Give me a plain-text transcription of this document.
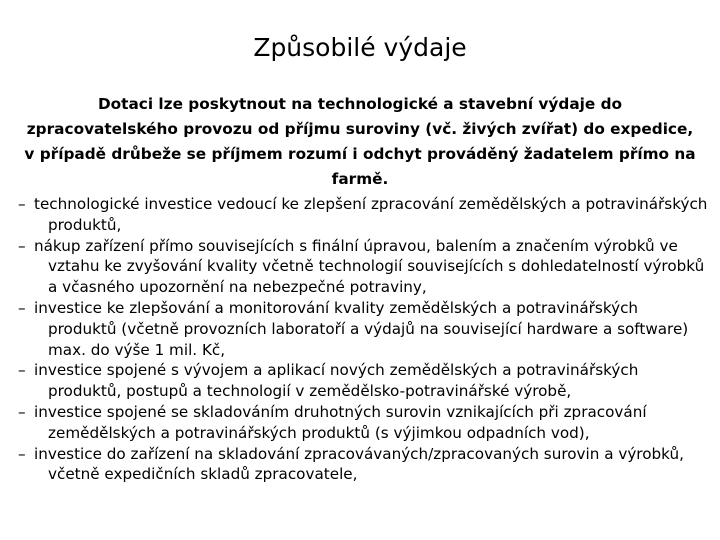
Způsobilé výdaje

Dotaci lze poskytnout na technologické a stavební výdaje do zpracovatelského provozu od příjmu suroviny (vč. živých zvířat) do expedice, v případě drůbeže se příjmem rozumí i odchyt prováděný žadatelem přímo na farmě.

– technologické investice vedoucí ke zlepšení zpracování zemědělských a potravinářských produktů,
– nákup zařízení přímo souvisejících s finální úpravou, balením a značením výrobků ve vztahu ke zvyšování kvality včetně technologií souvisejících s dohledatelností výrobků a včasného upozornění na nebezpečné potraviny,
– investice ke zlepšování a monitorování kvality zemědělských a potravinářských produktů (včetně provozních laboratoří a výdajů na související hardware a software) max. do výše 1 mil. Kč,
– investice spojené s vývojem a aplikací nových zemědělských a potravinářských produktů, postupů a technologií v zemědělsko-potravinářské výrobě,
– investice spojené se skladováním druhotných surovin vznikajících při zpracování zemědělských a potravinářských produktů (s výjimkou odpadních vod),
– investice do zařízení na skladování zpracovávaných/zpracovaných surovin a výrobků, včetně expedičních skladů zpracovatele,
